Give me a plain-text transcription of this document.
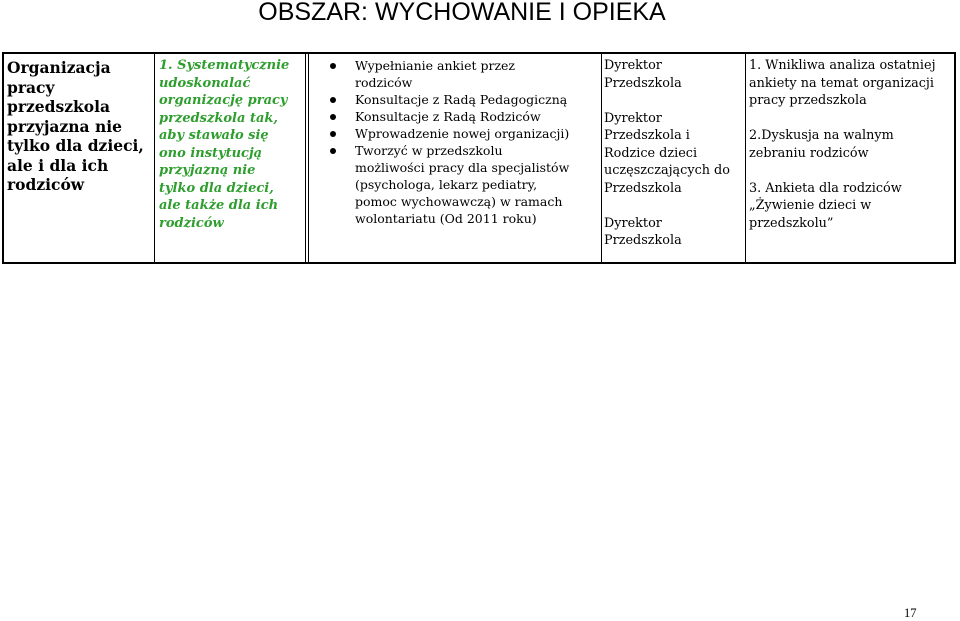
OBSZAR: WYCHOWANIE I OPIEKA

Organizacja

pracy

przedszkola

przyjazna nie

tylko dla dzieci,

ale i dla ich

rodziców

1. Systematycznie

udoskonalać

organizację pracy

przedszkola tak,

aby stawało się

ono instytucją

przyjazną nie

tylko dla dzieci,

ale także dla ich

rodziców

Wypełnianie ankiet przez
rodziców
Konsultacje z Radą Pedagogiczną
Konsultacje z Radą Rodziców
Wprowadzenie nowej organizacji)
Tworzyć w przedszkolu
możliwości pracy dla specjalistów
(psychologa, lekarz pediatry,
pomoc wychowawczą) w ramach
wolontariatu (Od 2011 roku)

Dyrektor

Przedszkola

Dyrektor

Przedszkola i

Rodzice dzieci

uczęszczających do

Przedszkola

Dyrektor

Przedszkola

1. Wnikliwa analiza ostatniej

ankiety na temat organizacji

pracy przedszkola

2.Dyskusja na walnym

zebraniu rodziców

3. Ankieta dla rodziców

„Żywienie dzieci w

przedszkolu”

17
